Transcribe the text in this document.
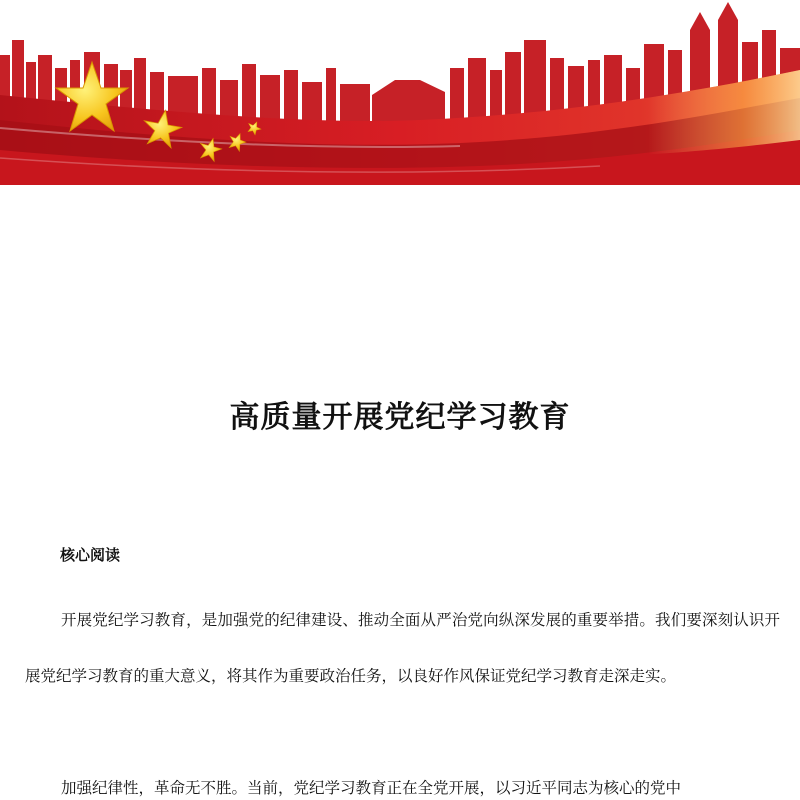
高质量开展党纪学习教育
核心阅读

开展党纪学习教育，是加强党的纪律建设、推动全面从严治党向纵深发展的重要举措。我们要深刻认识开展党纪学习教育的重大意义，将其作为重要政治任务，以良好作风保证党纪学习教育走深走实。

加强纪律性，革命无不胜。当前，党纪学习教育正在全党开展，以习近平同志为核心的党中
